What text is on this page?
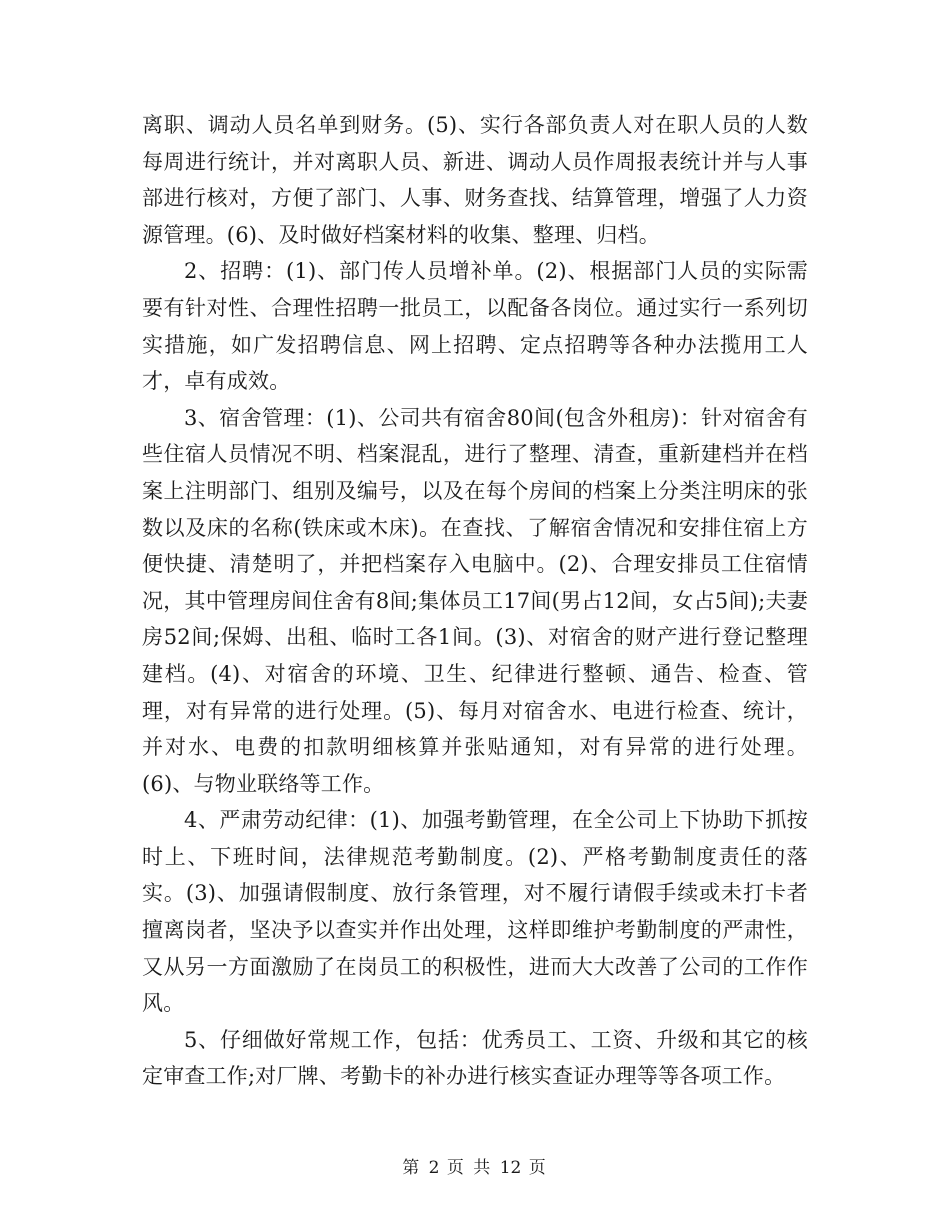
离职、调动人员名单到财务。(5)、实行各部负责人对在职人员的人数每周进行统计，并对离职人员、新进、调动人员作周报表统计并与人事部进行核对，方便了部门、人事、财务查找、结算管理，增强了人力资源管理。(6)、及时做好档案材料的收集、整理、归档。

2、招聘：(1)、部门传人员增补单。(2)、根据部门人员的实际需要有针对性、合理性招聘一批员工，以配备各岗位。通过实行一系列切实措施，如广发招聘信息、网上招聘、定点招聘等各种办法揽用工人才，卓有成效。

3、宿舍管理：(1)、公司共有宿舍80间(包含外租房)：针对宿舍有些住宿人员情况不明、档案混乱，进行了整理、清查，重新建档并在档案上注明部门、组别及编号，以及在每个房间的档案上分类注明床的张数以及床的名称(铁床或木床)。在查找、了解宿舍情况和安排住宿上方便快捷、清楚明了，并把档案存入电脑中。(2)、合理安排员工住宿情况，其中管理房间住舍有8间;集体员工17间(男占12间，女占5间);夫妻房52间;保姆、出租、临时工各1间。(3)、对宿舍的财产进行登记整理建档。(4)、对宿舍的环境、卫生、纪律进行整顿、通告、检查、管理，对有异常的进行处理。(5)、每月对宿舍水、电进行检查、统计，并对水、电费的扣款明细核算并张贴通知，对有异常的进行处理。(6)、与物业联络等工作。

4、严肃劳动纪律：(1)、加强考勤管理，在全公司上下协助下抓按时上、下班时间，法律规范考勤制度。(2)、严格考勤制度责任的落实。(3)、加强请假制度、放行条管理，对不履行请假手续或未打卡者擅离岗者，坚决予以查实并作出处理，这样即维护考勤制度的严肃性，又从另一方面激励了在岗员工的积极性，进而大大改善了公司的工作作风。

5、仔细做好常规工作，包括：优秀员工、工资、升级和其它的核定审查工作;对厂牌、考勤卡的补办进行核实查证办理等等各项工作。

第 2 页 共 12 页
